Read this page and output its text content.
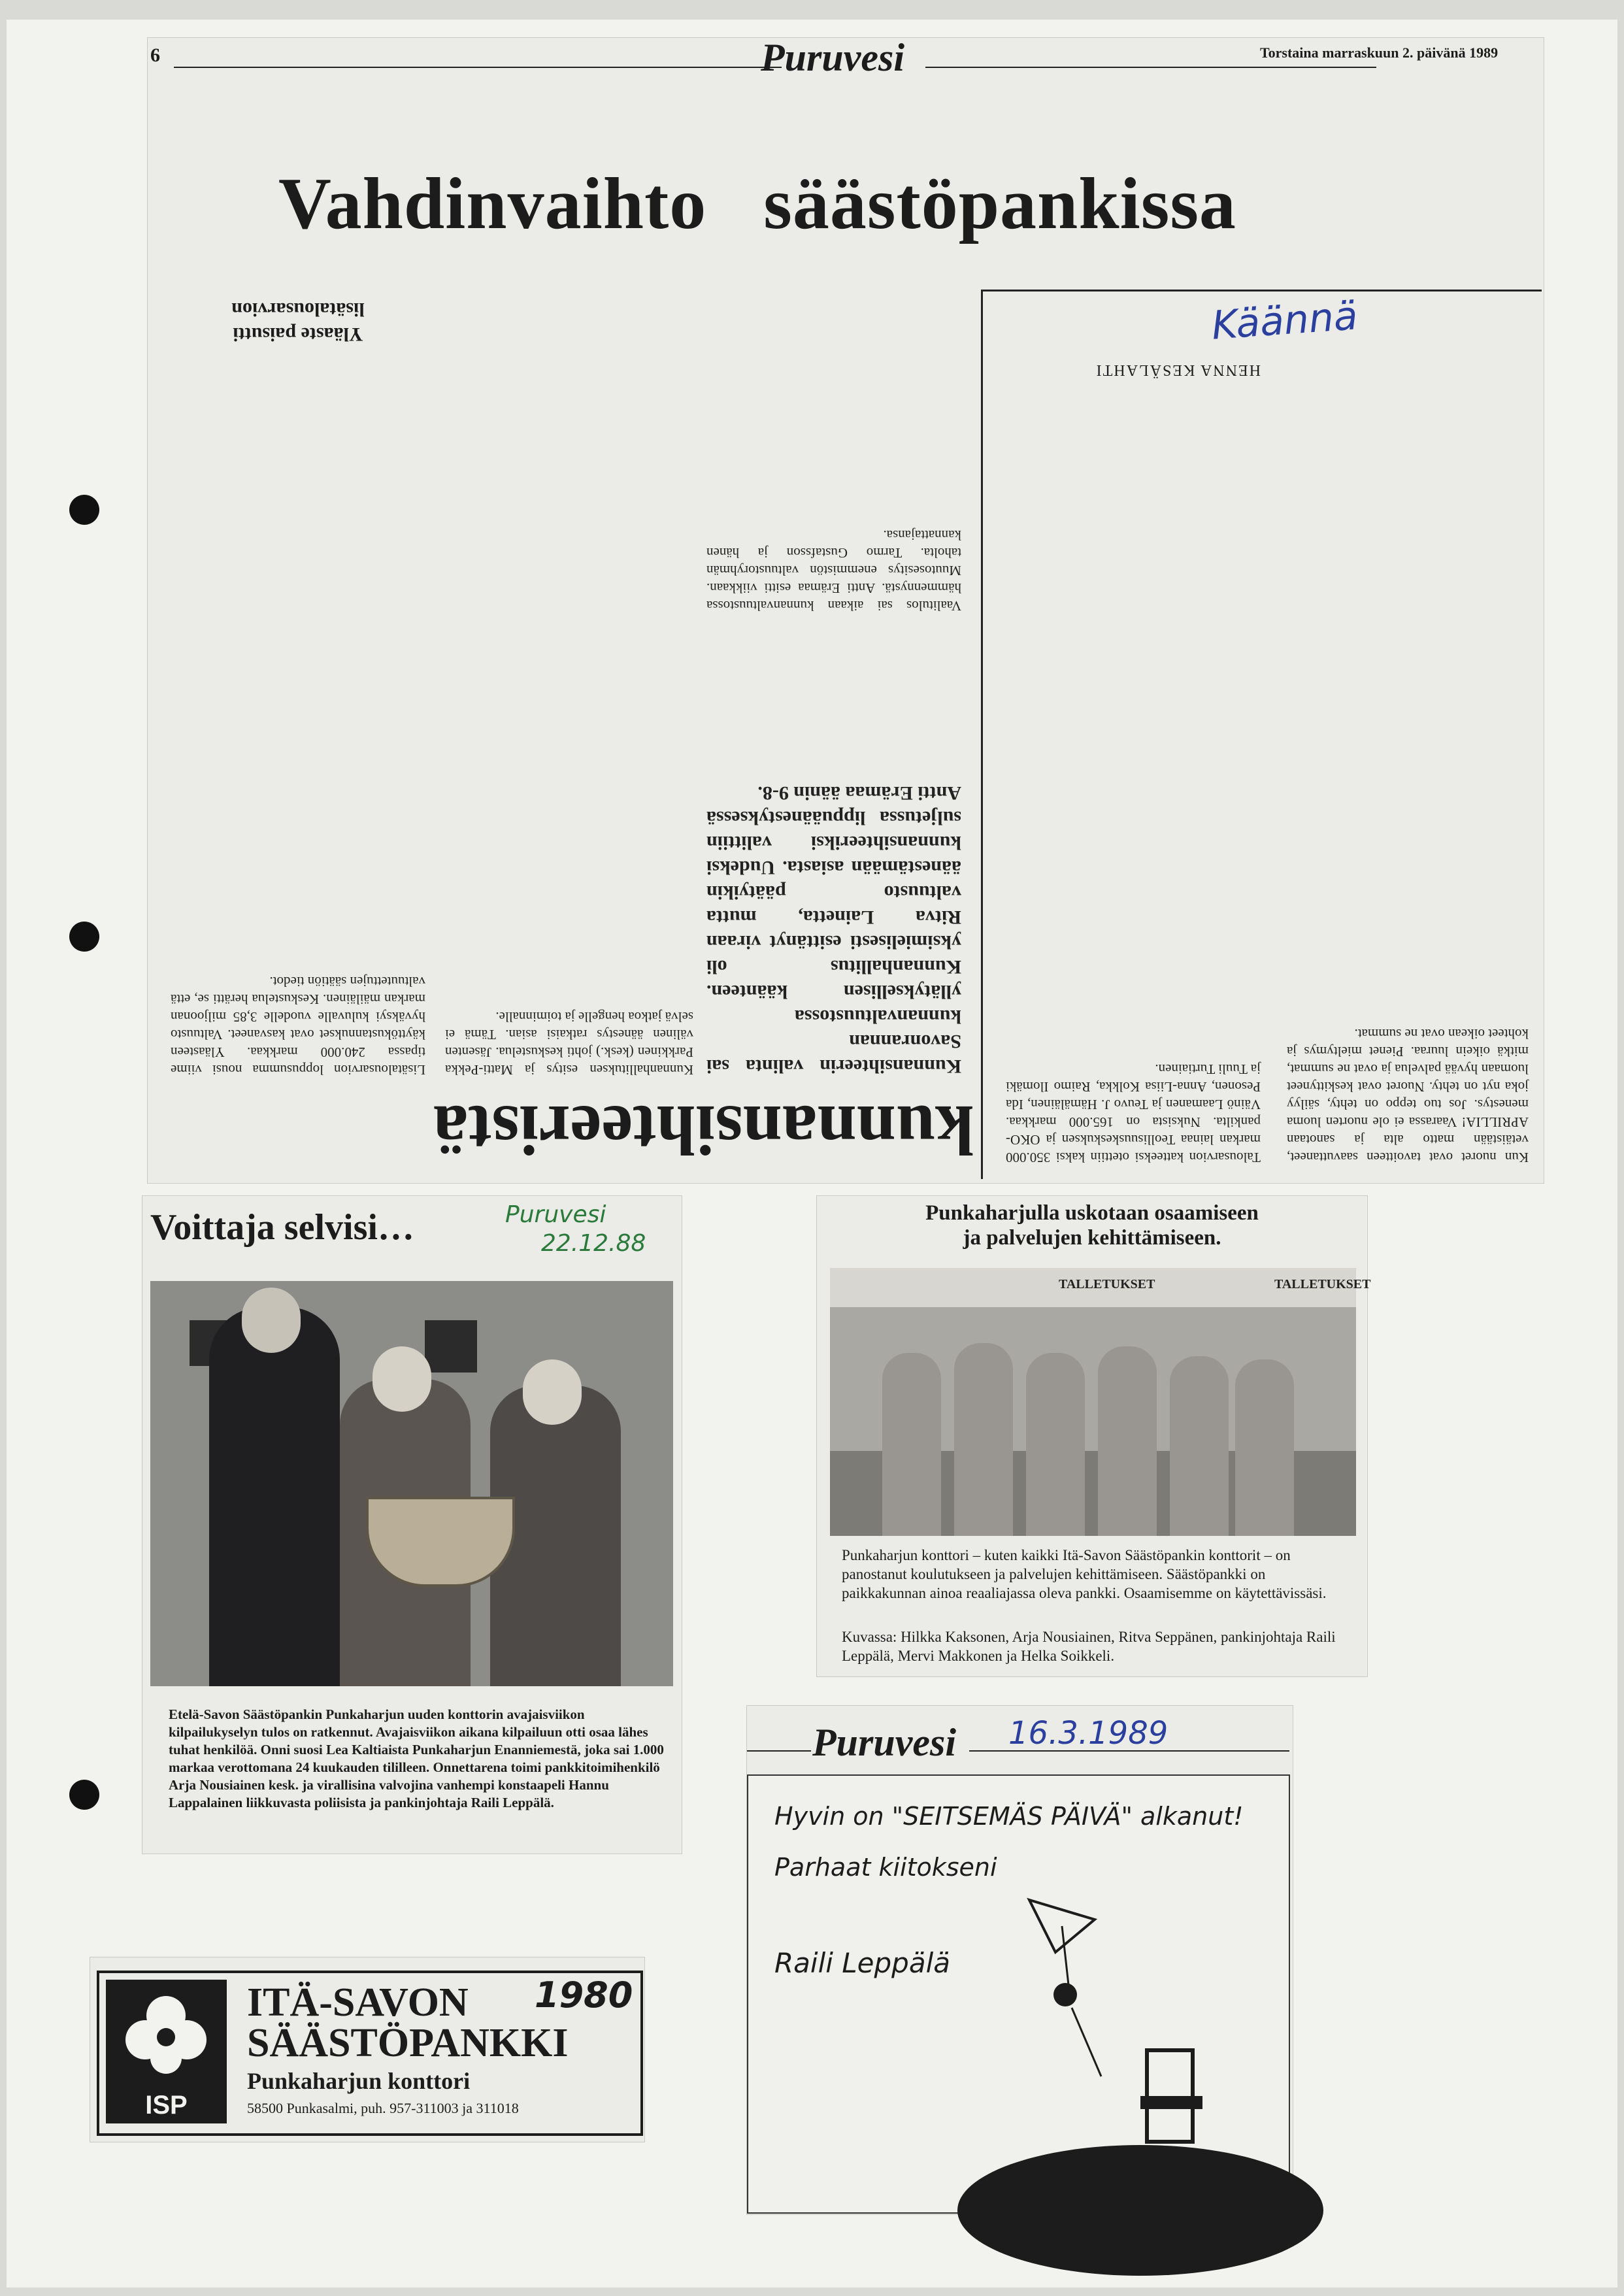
6	Puruvesi	Torstaina marraskuun 2. päivänä 1989
Vahdinvaihto   säästöpankissa
kunnansihteeristä
Kunnansihteerin valinta sai Savonrannan kunnanvaltuustossa yllätyksellisen käänteen. Kunnanhallitus oli yksimielisesti esittänyt viraan Ritva Lainetta, mutta valtuusto päätyikin äänestämään asiasta. Uudeksi kunnansihteeriksi valittiin suljetussa lippuäänestyksessä Antti Erämaa äänin 9-8.
Vaalitulos sai aikaan kunnanvaltuustossa hämmennystä. Antti Erämaa esitti viikkaan. Muutosesitys enemmistön valtuustoryhmän taholta. Tarmo Gustafsson ja hänen kannattajansa.
Kunnanhallituksen esitys ja Matti-Pekka Parkkinen (kesk.) johti keskustelua. Jäsenten välinen äänestys ratkaisi asian. Tämä ei selvä jatkoa hengelle ja toiminnalle.
Yläaste paisutti lisätalousarvion
Lisätalousarvion loppusumma nousi viime tipassa 240.000 markkaa. Yläasteen käyttökustannukset ovat kasvaneet. Valtuusto hyväksyi kuluvalle vuodelle 3,85 miljoonan markan mäiläinen. Keskustelua herätti se, että valtuutettujen säätiön tiedot.
Kun nuoret ovat tavoitteen saavuttaneet, vetäistään matto alta ja sanotaan APRILLIA! Vaarassa ei ole nuorten luoma menestys. Jos tuo teppo on tehty, säilyy joka nyt on tehty. Nuoret ovat keskittyneet luomaan hyvää palvelua ja ovat ne summat, mitkä oikein luuraa. Pienet mieltymys ja kohteet oikean ovat ne summat.
Talousarvion katteeksi otettiin kaksi 350.000 markan lainaa Teollisuuskeskuksen ja OKO-pankilta. Nuksista on 165.000 markkaa. Väinö Laamanen ja Teuvo J. Hämäläinen, Ida Pesonen, Anna-Liisa Kolkka, Raimo Ilomäki ja Tuuli Turtiainen.
HENNA KESÄLAHTI
Käännä
Voittaja selvisi…	Puruvesi
22.12.88
Etelä-Savon Säästöpankin Punkaharjun uuden konttorin avajaisviikon kilpailukyselyn tulos on ratkennut. Avajaisviikon aikana kilpailuun otti osaa lähes tuhat henkilöä. Onni suosi Lea Kaltiaista Punkaharjun Enanniemestä, joka sai 1.000 markaa verottomana 24 kuukauden tililleen. Onnettarena toimi pankkitoimihenkilö Arja Nousiainen kesk. ja virallisina valvojina vanhempi konstaapeli Hannu Lappalainen liikkuvasta poliisista ja pankinjohtaja Raili Leppälä.
Punkaharjulla uskotaan osaamiseen
ja palvelujen kehittämiseen.
TALLETUKSET	TALLETUKSET
Punkaharjun konttori – kuten kaikki Itä-Savon Säästöpankin konttorit – on panostanut koulutukseen ja palvelujen kehittämiseen. Säästöpankki on paikkakunnan ainoa reaaliajassa oleva pankki. Osaamisemme on käytettävissäsi.
Kuvassa: Hilkka Kaksonen, Arja Nousiainen, Ritva Seppänen, pankinjohtaja Raili Leppälä, Mervi Makkonen ja Helka Soikkeli.
ISP
ITÄ-SAVON
SÄÄSTÖPANKKI
Punkaharjun konttori
58500 Punkasalmi, puh. 957-311003 ja 311018
1980
Puruvesi 16.3.1989
Hyvin on "SEITSEMÄS PÄIVÄ" alkanut!
Parhaat kiitokseni
Raili Leppälä
